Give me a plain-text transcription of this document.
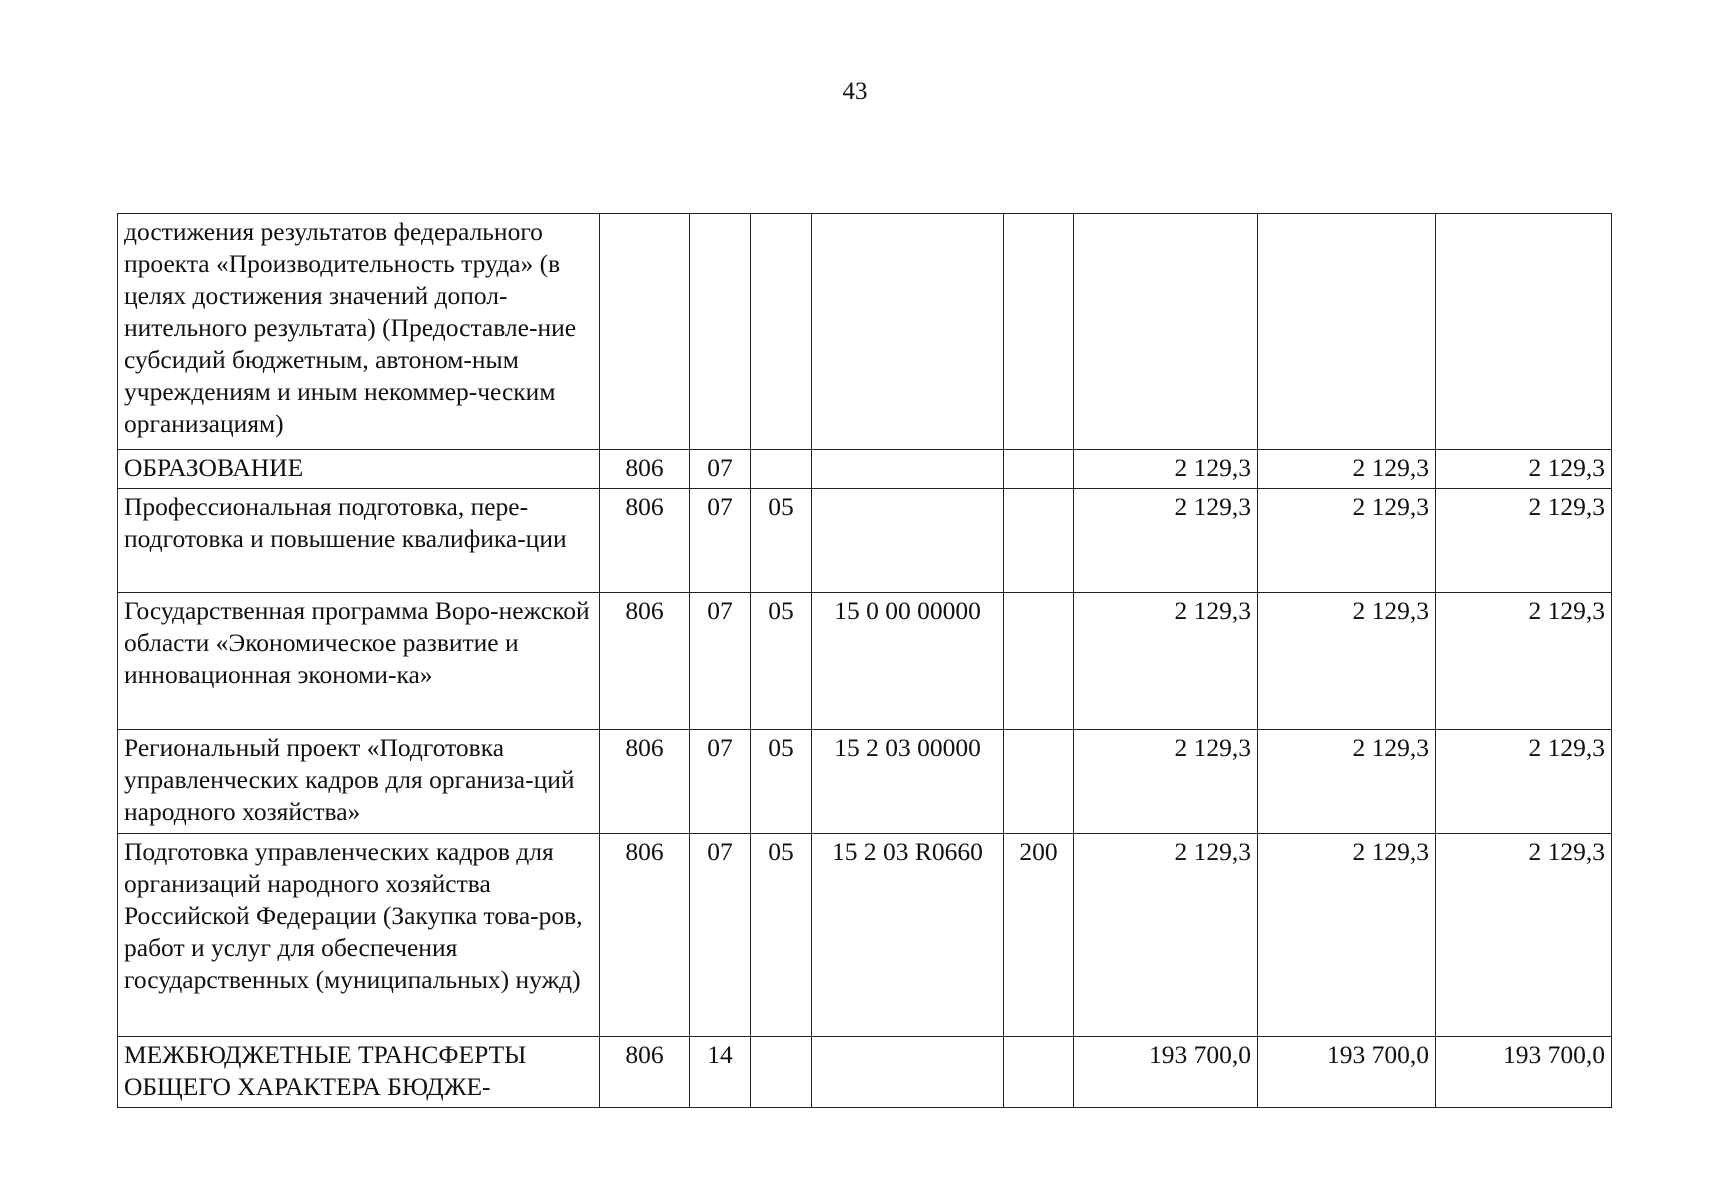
43
достижения результатов федерального проекта «Производительность труда» (в целях достижения значений допол-нительного результата) (Предоставле-ние субсидий бюджетным, автоном-ным учреждениям и иным некоммер-ческим организациям)								
ОБРАЗОВАНИЕ	806	07				2 129,3	2 129,3	2 129,3
Профессиональная подготовка, пере-подготовка и повышение квалифика-ции	806	07	05			2 129,3	2 129,3	2 129,3
Государственная программа Воро-нежской области «Экономическое развитие и инновационная экономи-ка»	806	07	05	15 0 00 00000		2 129,3	2 129,3	2 129,3
Региональный проект «Подготовка управленческих кадров для организа-ций народного хозяйства»	806	07	05	15 2 03 00000		2 129,3	2 129,3	2 129,3
Подготовка управленческих кадров для организаций народного хозяйства Российской Федерации (Закупка това-ров, работ и услуг для обеспечения государственных (муниципальных) нужд)	806	07	05	15 2 03 R0660	200	2 129,3	2 129,3	2 129,3
МЕЖБЮДЖЕТНЫЕ ТРАНСФЕРТЫ ОБЩЕГО ХАРАКТЕРА БЮДЖЕ-	806	14				193 700,0	193 700,0	193 700,0
